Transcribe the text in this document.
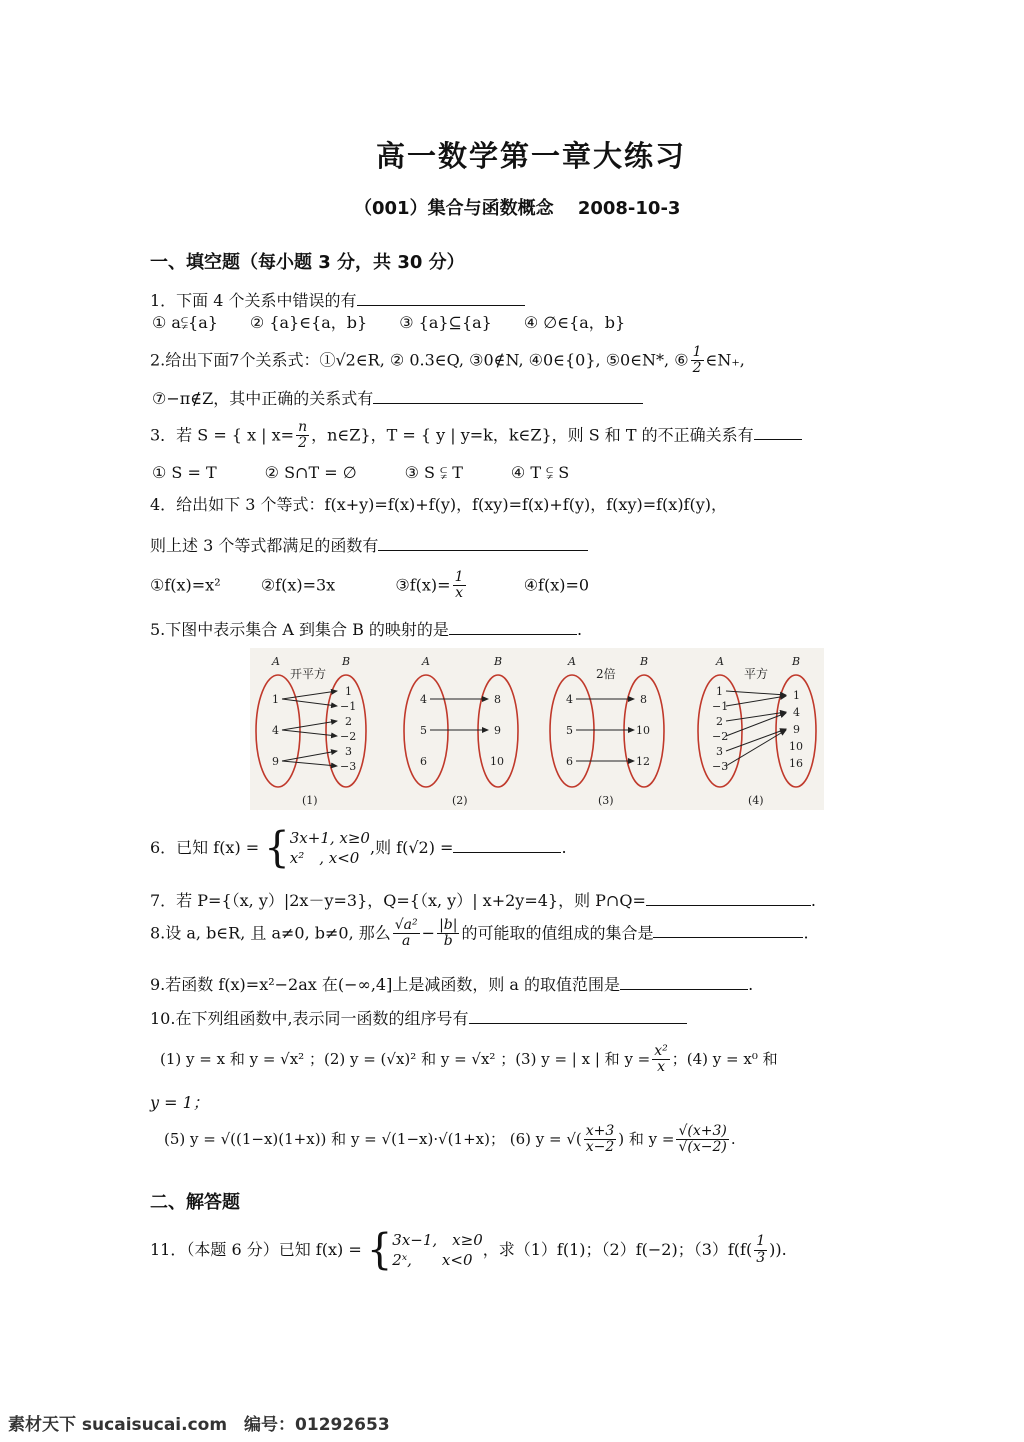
高一数学第一章大练习
（001）集合与函数概念　 2008-10-3
一、填空题（每小题 3 分，共 30 分）
1．下面 4 个关系中错误的有
① a⫋{a}　　② {a}∈{a，b}　　③ {a}⊆{a}　　④ ∅∈{a，b}
2.给出下面7个关系式：①√2∈R, ② 0.3∈Q, ③0∉N, ④0∈{0}, ⑤0∈N*, ⑥ $\frac{1}{2}$ ∈N₊,
⑦−π∉Z，其中正确的关系式有
3．若 S = { x | $x= \frac{n}{2}$ ，n∈Z}，T = { y | y=k，k∈Z}，则 S 和 T 的不正确关系有
① S = T　　　② S∩T = ∅　　　③ S ⫋ T　　　④ T ⫋ S
4．给出如下 3 个等式：f(x+y)=f(x)+f(y)，f(xy)=f(x)+f(y)，f(xy)=f(x)f(y)，
则上述 3 个等式都满足的函数有
①f(x)=x²	②f(x)=3x	③f(x)= $\frac{1}{x}$	④f(x)=0
5.下图中表示集合 A 到集合 B 的映射的是	.
A	B
开平方
1
4
9
1
−1
2
−2
3
−3
(1)
A	B
4
5
6
8
9
10
(2)
A	B
2倍
4
5
6
8
10
12
(3)
A	B
平方
1
−1
2
−2
3
−3
1
4
9
10
16
(4)
6．已知 f(x) = { 3x+1, x≥0
x²　, x<0
,则 f(√2) =	.
7．若 P={（x, y）|2x－y=3}，Q={（x, y）| x+2y=4}，则 P∩Q=	.
8.设 a, b∈R, 且 a≠0, b≠0, 那么 $\frac{\text{√a²}}{a} - \frac{|b|}{b}$ 的可能取的值组成的集合是	.
9.若函数 f(x)=x²−2ax 在(−∞,4]上是减函数，则 a 的取值范围是	.
10.在下列组函数中,表示同一函数的组序号有
(1) y = x 和 y = √x² ；(2) y = (√x)² 和 y = √x² ；(3) y = | x | 和 $y = \frac{\text{x²}}{x}$ ；(4) y = x⁰ 和
y = 1；
(5) y = √((1−x)(1+x)) 和 y = √(1−x)·√(1+x)； (6) y = √( $\frac{x+3}{x-2}$ ) 和 $y = \frac{√(x+3)}{√(x-2)}$ .
二、解答题
11．（本题 6 分）已知 f(x) = { 3x−1,　x≥0
2ˣ,　　x<0
，求（1）f(1)；（2）f(−2)；$(3)f(f( \frac{1}{3}$ )).
素材天下 sucaisucai.com　编号：01292653
